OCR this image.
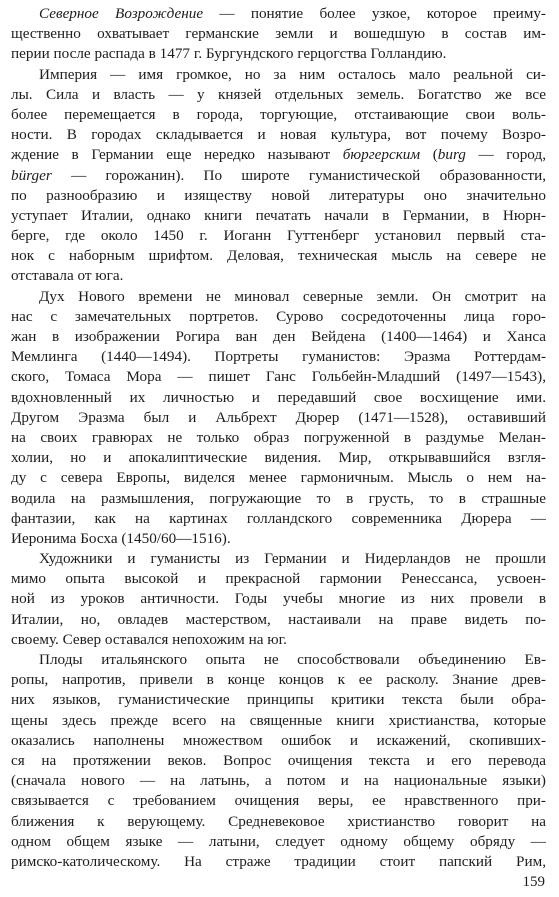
Северное Возрождение — понятие более узкое, которое преиму-
щественно охватывает германские земли и вошедшую в состав им-
перии после распада в 1477 г. Бургундского герцогства Голландию.
Империя — имя громкое, но за ним осталось мало реальной си-
лы. Сила и власть — у князей отдельных земель. Богатство же все
более перемещается в города, торгующие, отстаивающие свои воль-
ности. В городах складывается и новая культура, вот почему Возро-
ждение в Германии еще нередко называют бюргерским (burg — город,
bürger — горожанин). По широте гуманистической образованности,
по разнообразию и изяществу новой литературы оно значительно
уступает Италии, однако книги печатать начали в Германии, в Нюрн-
берге, где около 1450 г. Иоганн Гуттенберг установил первый ста-
нок с наборным шрифтом. Деловая, техническая мысль на севере не
отставала от юга.
Дух Нового времени не миновал северные земли. Он смотрит на
нас с замечательных портретов. Сурово сосредоточенны лица горо-
жан в изображении Рогира ван ден Вейдена (1400—1464) и Ханса
Мемлинга (1440—1494). Портреты гуманистов: Эразма Роттердам-
ского, Томаса Мора — пишет Ганс Гольбейн-Младший (1497—1543),
вдохновленный их личностью и передавший свое восхищение ими.
Другом Эразма был и Альбрехт Дюрер (1471—1528), оставивший
на своих гравюрах не только образ погруженной в раздумье Мелан-
холии, но и апокалиптические видения. Мир, открывавшийся взгля-
ду с севера Европы, виделся менее гармоничным. Мысль о нем на-
водила на размышления, погружающие то в грусть, то в страшные
фантазии, как на картинах голландского современника Дюрера —
Иеронима Босха (1450/60—1516).
Художники и гуманисты из Германии и Нидерландов не прошли
мимо опыта высокой и прекрасной гармонии Ренессанса, усвоен-
ной из уроков античности. Годы учебы многие из них провели в
Италии, но, овладев мастерством, настаивали на праве видеть по-
своему. Север оставался непохожим на юг.
Плоды итальянского опыта не способствовали объединению Ев-
ропы, напротив, привели в конце концов к ее расколу. Знание древ-
них языков, гуманистические принципы критики текста были обра-
щены здесь прежде всего на священные книги христианства, которые
оказались наполнены множеством ошибок и искажений, скопивших-
ся на протяжении веков. Вопрос очищения текста и его перевода
(сначала нового — на латынь, а потом и на национальные языки)
связывается с требованием очищения веры, ее нравственного при-
ближения к верующему. Средневековое христианство говорит на
одном общем языке — латыни, следует одному общему обряду —
римско-католическому. На страже традиции стоит папский Рим,
159
